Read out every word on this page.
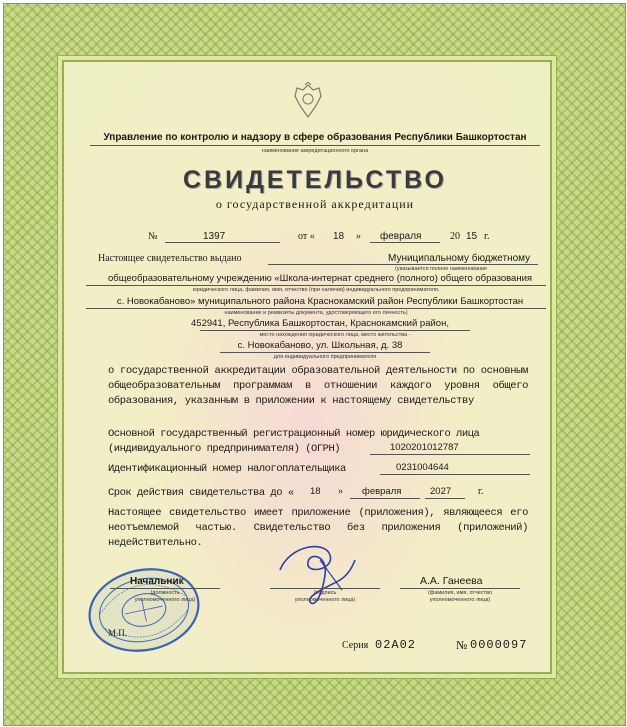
Управление по контролю и надзору в сфере образования Республики Башкортостан
наименование аккредитационного органа
СВИДЕТЕЛЬСТВО
о государственной аккредитации
№	1397	от « 18 » февраля	20 15 г.
Настоящее свидетельство выдано	Муниципальному бюджетному
(указывается полное наименование
общеобразовательному учреждению «Школа-интернат среднего (полного) общего образования
юридического лица, фамилия, имя, отчество (при наличии) индивидуального предпринимателя,
с. Новокабаново» муниципального района Краснокамский район Республики Башкортостан
наименование и реквизиты документа, удостоверяющего его личность)
452941, Республика Башкортостан, Краснокамский район,
место нахождения юридического лица, место жительства -
с. Новокабаново, ул. Школьная, д. 38
для индивидуального предпринимателя
о государственной аккредитации образовательной деятельности по основным общеобразовательным программам в отношении каждого уровня общего образования, указанным в приложении к настоящему свидетельству
Основной государственный регистрационный номер юридического лица
(индивидуального предпринимателя) (ОГРН)	1020201012787
Идентификационный номер налогоплательщика	0231004644
Срок действия свидетельства до « 18 » февраля	2027	г.
Настоящее свидетельство имеет приложение (приложения), являющееся его неотъемлемой частью. Свидетельство без приложения (приложений) недействительно.
Начальник
(должность
уполномоченного лица)
М.П.
(подпись
уполномоченного лица)
А.А. Ганеева
(фамилия, имя, отчество
уполномоченного лица)
Серия 02А02	№ 0000097
